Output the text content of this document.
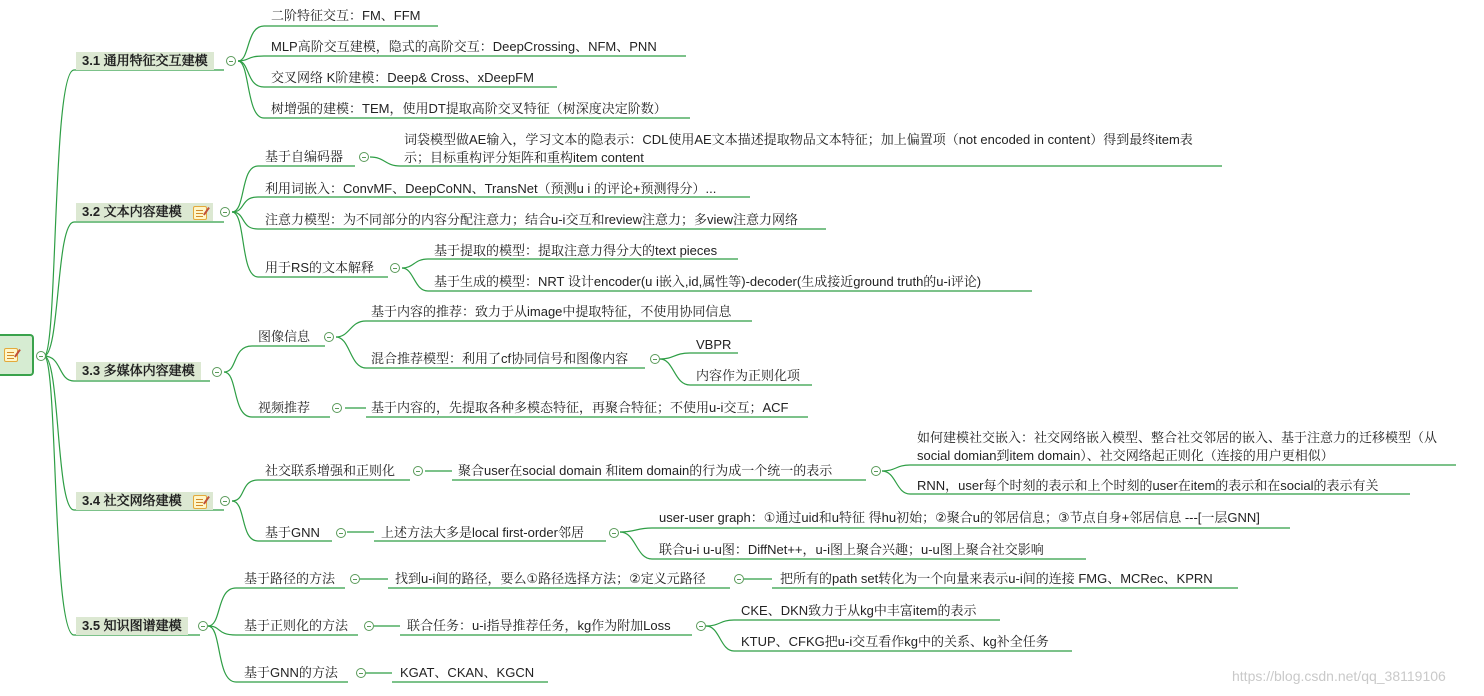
3.1 通用特征交互建模
二阶特征交互：FM、FFM
MLP高阶交互建模，隐式的高阶交互：DeepCrossing、NFM、PNN
交叉网络 K阶建模：Deep& Cross、xDeepFM
树增强的建模：TEM，使用DT提取高阶交叉特征（树深度决定阶数）
3.2 文本内容建模
基于自编码器
词袋模型做AE输入，学习文本的隐表示：CDL使用AE文本描述提取物品文本特征；加上偏置项（not encoded in content）得到最终item表示；目标重构评分矩阵和重构item content
利用词嵌入：ConvMF、DeepCoNN、TransNet（预测u i 的评论+预测得分）...
注意力模型：为不同部分的内容分配注意力；结合u-i交互和review注意力；多view注意力网络
用于RS的文本解释
基于提取的模型：提取注意力得分大的text pieces
基于生成的模型：NRT 设计encoder(u i嵌入,id,属性等)-decoder(生成接近ground truth的u-i评论)
3.3 多媒体内容建模
图像信息
基于内容的推荐：致力于从image中提取特征，不使用协同信息
混合推荐模型：利用了cf协同信号和图像内容
VBPR
内容作为正则化项
视频推荐	基于内容的，先提取各种多模态特征，再聚合特征；不使用u-i交互；ACF
3.4 社交网络建模
社交联系增强和正则化	聚合user在social domain 和item domain的行为成一个统一的表示
如何建模社交嵌入：社交网络嵌入模型、整合社交邻居的嵌入、基于注意力的迁移模型（从social domian到item domain）、社交网络起正则化（连接的用户更相似）
RNN，user每个时刻的表示和上个时刻的user在item的表示和在social的表示有关
基于GNN	上述方法大多是local first-order邻居
user-user graph：①通过uid和u特征 得hu初始；②聚合u的邻居信息；③节点自身+邻居信息 ---[一层GNN]
联合u-i u-u图：DiffNet++，u-i图上聚合兴趣；u-u图上聚合社交影响
3.5 知识图谱建模
基于路径的方法	找到u-i间的路径，要么①路径选择方法；②定义元路径	把所有的path set转化为一个向量来表示u-i间的连接 FMG、MCRec、KPRN
基于正则化的方法	联合任务：u-i指导推荐任务，kg作为附加Loss
CKE、DKN致力于从kg中丰富item的表示
KTUP、CFKG把u-i交互看作kg中的关系、kg补全任务
基于GNN的方法	KGAT、CKAN、KGCN	https://blog.csdn.net/qq_38119106
